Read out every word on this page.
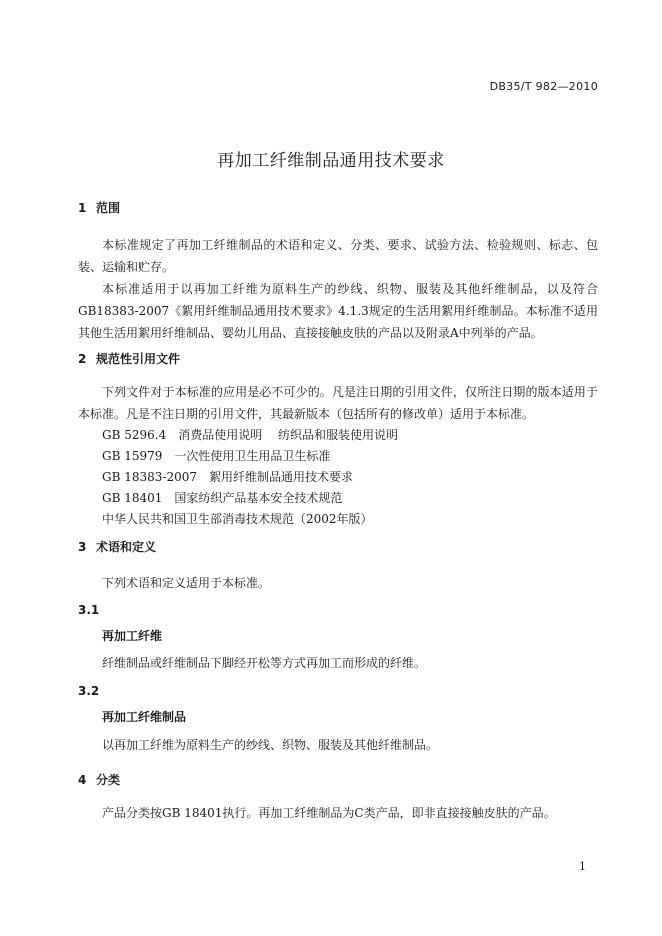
DB35/T 982—2010
再加工纤维制品通用技术要求
1 范围

本标准规定了再加工纤维制品的术语和定义、分类、要求、试验方法、检验规则、标志、包装、运输和贮存。

本标准适用于以再加工纤维为原料生产的纱线、织物、服装及其他纤维制品，以及符合GB18383-2007《絮用纤维制品通用技术要求》4.1.3规定的生活用絮用纤维制品。本标准不适用其他生活用絮用纤维制品、婴幼儿用品、直接接触皮肤的产品以及附录A中列举的产品。

2 规范性引用文件

下列文件对于本标准的应用是必不可少的。凡是注日期的引用文件，仅所注日期的版本适用于本标准。凡是不注日期的引用文件，其最新版本（包括所有的修改单）适用于本标准。

GB 5296.4　消费品使用说明　 纺织品和服装使用说明
GB 15979　一次性使用卫生用品卫生标准
GB 18383-2007　絮用纤维制品通用技术要求
GB 18401　国家纺织产品基本安全技术规范
中华人民共和国卫生部消毒技术规范（2002年版）
3 术语和定义

下列术语和定义适用于本标准。

3.1
再加工纤维

纤维制品或纤维制品下脚经开松等方式再加工而形成的纤维。

3.2
再加工纤维制品

以再加工纤维为原料生产的纱线、织物、服装及其他纤维制品。

4 分类

产品分类按GB 18401执行。再加工纤维制品为C类产品，即非直接接触皮肤的产品。

1
